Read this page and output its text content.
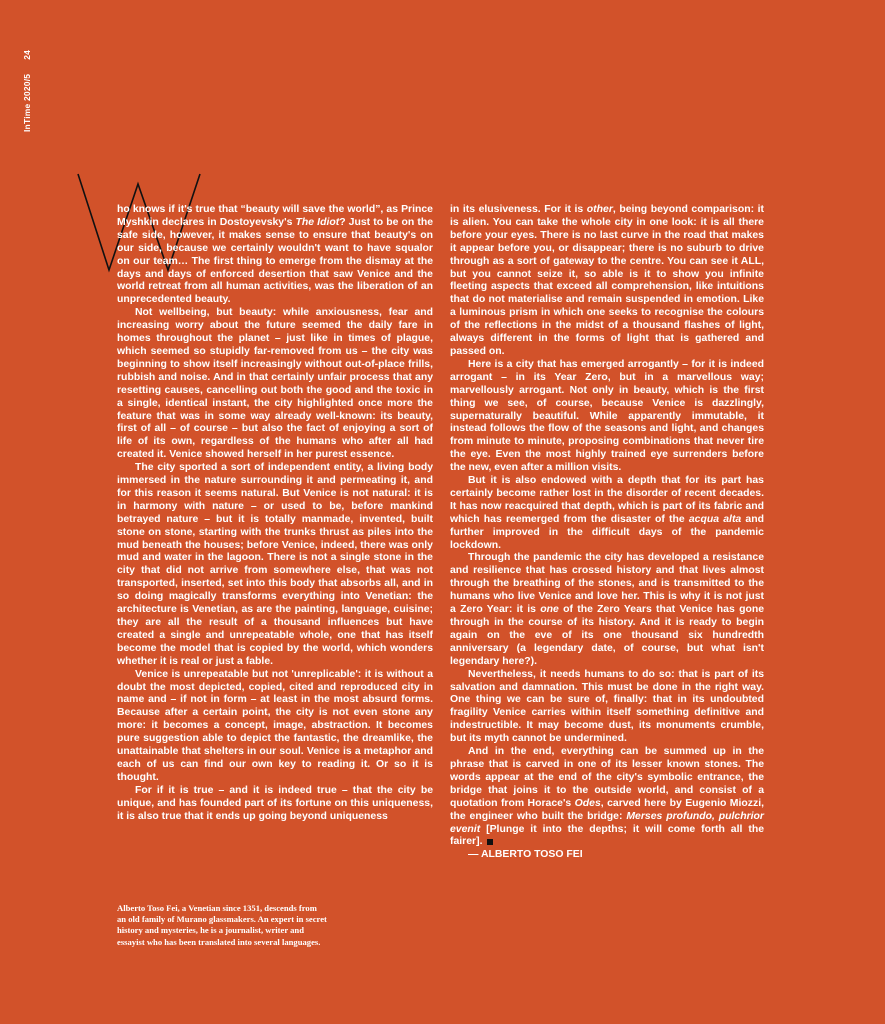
InTime 2020/524

ho knows if it's true that “beauty will save the world”, as Prince Myshkin declares in Dostoyevsky's The Idiot? Just to be on the safe side, however, it makes sense to ensure that beauty's on our side, because we certainly wouldn't want to have squalor on our team… The first thing to emerge from the dismay at the days and days of enforced desertion that saw Venice and the world retreat from all human activities, was the liberation of an unprecedented beauty.

Not wellbeing, but beauty: while anxiousness, fear and increasing worry about the future seemed the daily fare in homes throughout the planet – just like in times of plague, which seemed so stupidly far-removed from us – the city was beginning to show itself increasingly without out-of-place frills, rubbish and noise. And in that certainly unfair process that any resetting causes, cancelling out both the good and the toxic in a single, identical instant, the city highlighted once more the feature that was in some way already well-known: its beauty, first of all – of course – but also the fact of enjoying a sort of life of its own, regardless of the humans who after all had created it. Venice showed herself in her purest essence.

The city sported a sort of independent entity, a living body immersed in the nature surrounding it and permeating it, and for this reason it seems natural. But Venice is not natural: it is in harmony with nature – or used to be, before mankind betrayed nature – but it is totally manmade, invented, built stone on stone, starting with the trunks thrust as piles into the mud beneath the houses; before Venice, indeed, there was only mud and water in the lagoon. There is not a single stone in the city that did not arrive from somewhere else, that was not transported, inserted, set into this body that absorbs all, and in so doing magically transforms everything into Venetian: the architecture is Venetian, as are the painting, language, cuisine; they are all the result of a thousand influences but have created a single and unrepeatable whole, one that has itself become the model that is copied by the world, which wonders whether it is real or just a fable.

Venice is unrepeatable but not 'unreplicable': it is without a doubt the most depicted, copied, cited and reproduced city in name and – if not in form – at least in the most absurd forms. Because after a certain point, the city is not even stone any more: it becomes a concept, image, abstraction. It becomes pure suggestion able to depict the fantastic, the dreamlike, the unattainable that shelters in our soul. Venice is a metaphor and each of us can find our own key to reading it. Or so it is thought.

For if it is true – and it is indeed true – that the city be unique, and has founded part of its fortune on this uniqueness, it is also true that it ends up going beyond uniqueness

in its elusiveness. For it is other, being beyond comparison: it is alien. You can take the whole city in one look: it is all there before your eyes. There is no last curve in the road that makes it appear before you, or disappear; there is no suburb to drive through as a sort of gateway to the centre. You can see it ALL, but you cannot seize it, so able is it to show you infinite fleeting aspects that exceed all comprehension, like intuitions that do not materialise and remain suspended in emotion. Like a luminous prism in which one seeks to recognise the colours of the reflections in the midst of a thousand flashes of light, always different in the forms of light that is gathered and passed on.

Here is a city that has emerged arrogantly – for it is indeed arrogant – in its Year Zero, but in a marvellous way; marvellously arrogant. Not only in beauty, which is the first thing we see, of course, because Venice is dazzlingly, supernaturally beautiful. While apparently immutable, it instead follows the flow of the seasons and light, and changes from minute to minute, proposing combinations that never tire the eye. Even the most highly trained eye surrenders before the new, even after a million visits.

But it is also endowed with a depth that for its part has certainly become rather lost in the disorder of recent decades. It has now reacquired that depth, which is part of its fabric and which has reemerged from the disaster of the acqua alta and further improved in the difficult days of the pandemic lockdown.

Through the pandemic the city has developed a resistance and resilience that has crossed history and that lives almost through the breathing of the stones, and is transmitted to the humans who live Venice and love her. This is why it is not just a Zero Year: it is one of the Zero Years that Venice has gone through in the course of its history. And it is ready to begin again on the eve of its one thousand six hundredth anniversary (a legendary date, of course, but what isn't legendary here?).

Nevertheless, it needs humans to do so: that is part of its salvation and damnation. This must be done in the right way. One thing we can be sure of, finally: that in its undoubted fragility Venice carries within itself something definitive and indestructible. It may become dust, its monuments crumble, but its myth cannot be undermined.

And in the end, everything can be summed up in the phrase that is carved in one of its lesser known stones. The words appear at the end of the city's symbolic entrance, the bridge that joins it to the outside world, and consist of a quotation from Horace's Odes, carved here by Eugenio Miozzi, the engineer who built the bridge: Merses profundo, pulchrior evenit [Plunge it into the depths; it will come forth all the fairer].

— ALBERTO TOSO FEI

Alberto Toso Fei, a Venetian since 1351, descends from an old family of Murano glassmakers. An expert in secret history and mysteries, he is a journalist, writer and essayist who has been translated into several languages.
